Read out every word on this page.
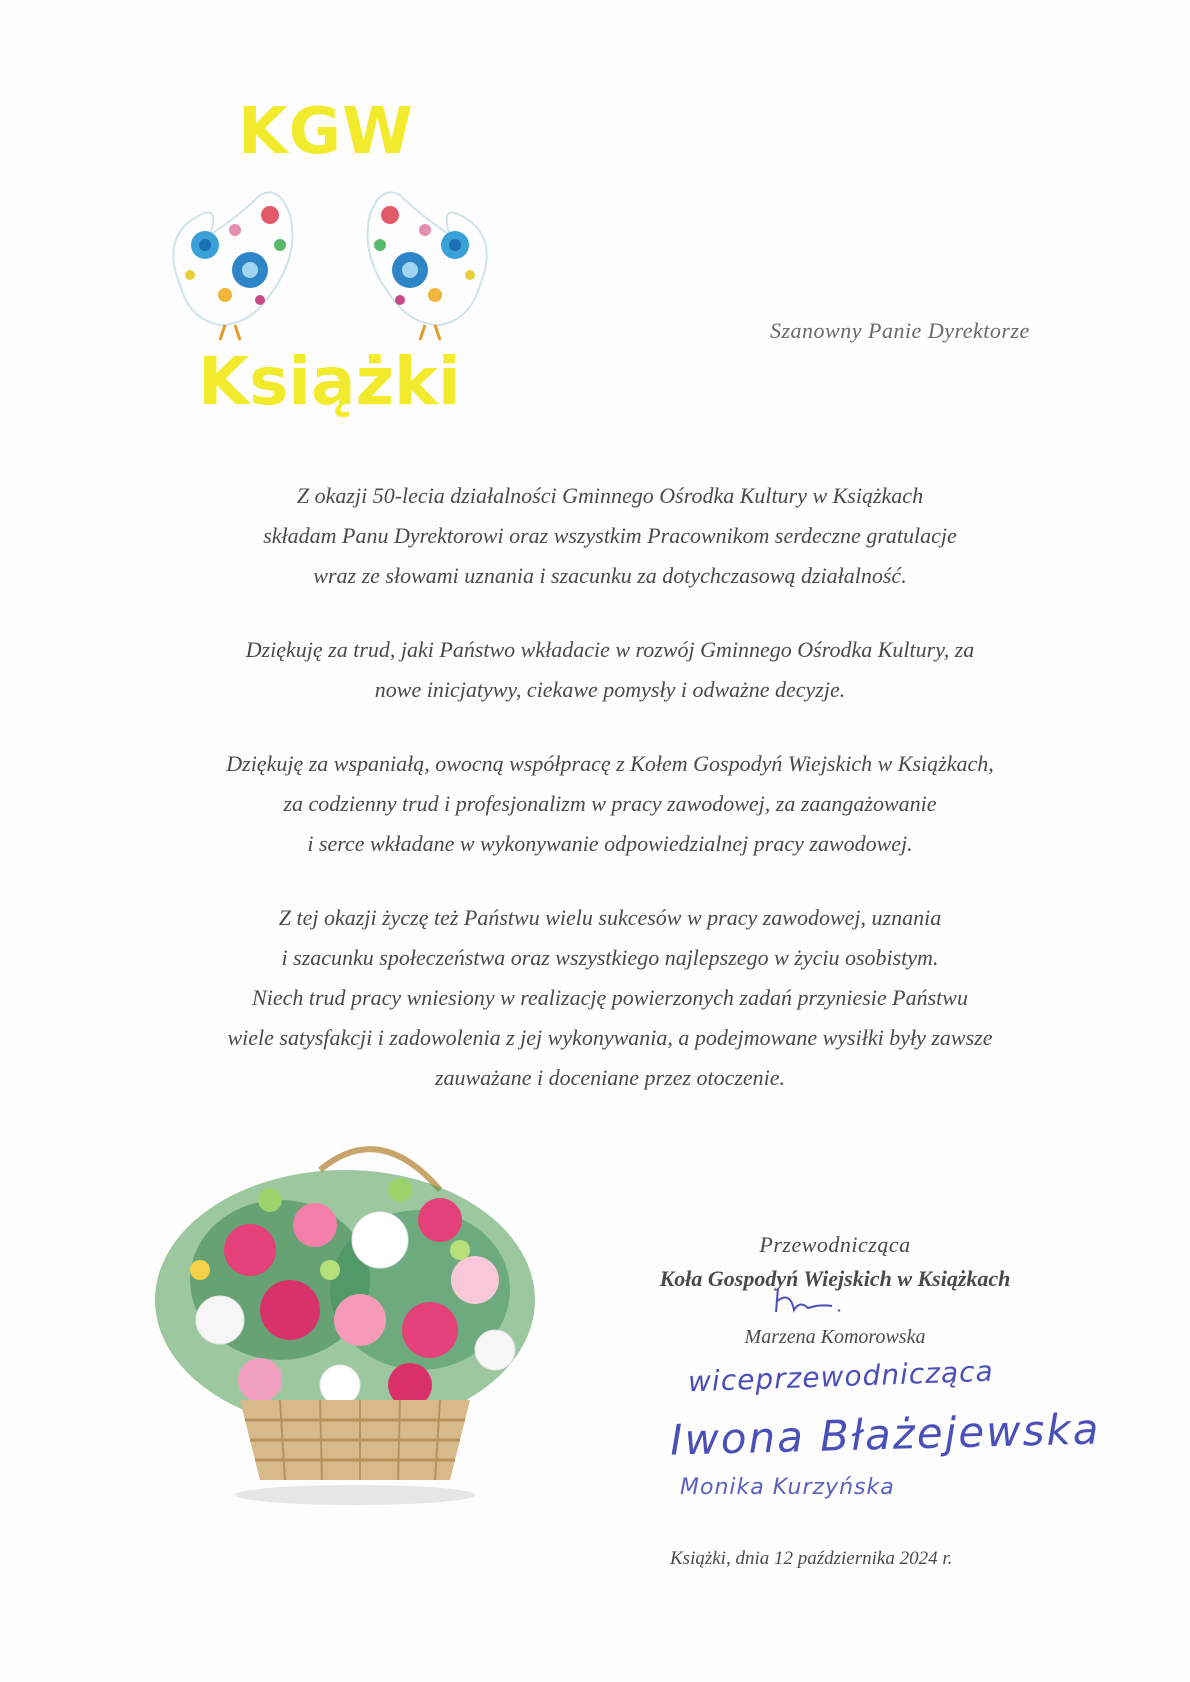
KGW
Książki
Szanowny Panie Dyrektorze

Z okazji 50-lecia działalności Gminnego Ośrodka Kultury w Książkach

składam Panu Dyrektorowi oraz wszystkim Pracownikom serdeczne gratulacje

wraz ze słowami uznania i szacunku za dotychczasową działalność.

Dziękuję za trud, jaki Państwo wkładacie w rozwój Gminnego Ośrodka Kultury, za

nowe inicjatywy, ciekawe pomysły i odważne decyzje.

Dziękuję za wspaniałą, owocną współpracę z Kołem Gospodyń Wiejskich w Książkach,

za codzienny trud i profesjonalizm w pracy zawodowej, za zaangażowanie

i serce wkładane w wykonywanie odpowiedzialnej pracy zawodowej.

Z tej okazji życzę też Państwu wielu sukcesów w pracy zawodowej, uznania

i szacunku społeczeństwa oraz wszystkiego najlepszego w życiu osobistym.

Niech trud pracy wniesiony w realizację powierzonych zadań przyniesie Państwu

wiele satysfakcji i zadowolenia z jej wykonywania, a podejmowane wysiłki były zawsze

zauważane i doceniane przez otoczenie.

Przewodnicząca
Koła Gospodyń Wiejskich w Książkach
Marzena Komorowska
wiceprzewodnicząca
Iwona Błażejewska
Monika Kurzyńska
Książki, dnia 12 października 2024 r.
